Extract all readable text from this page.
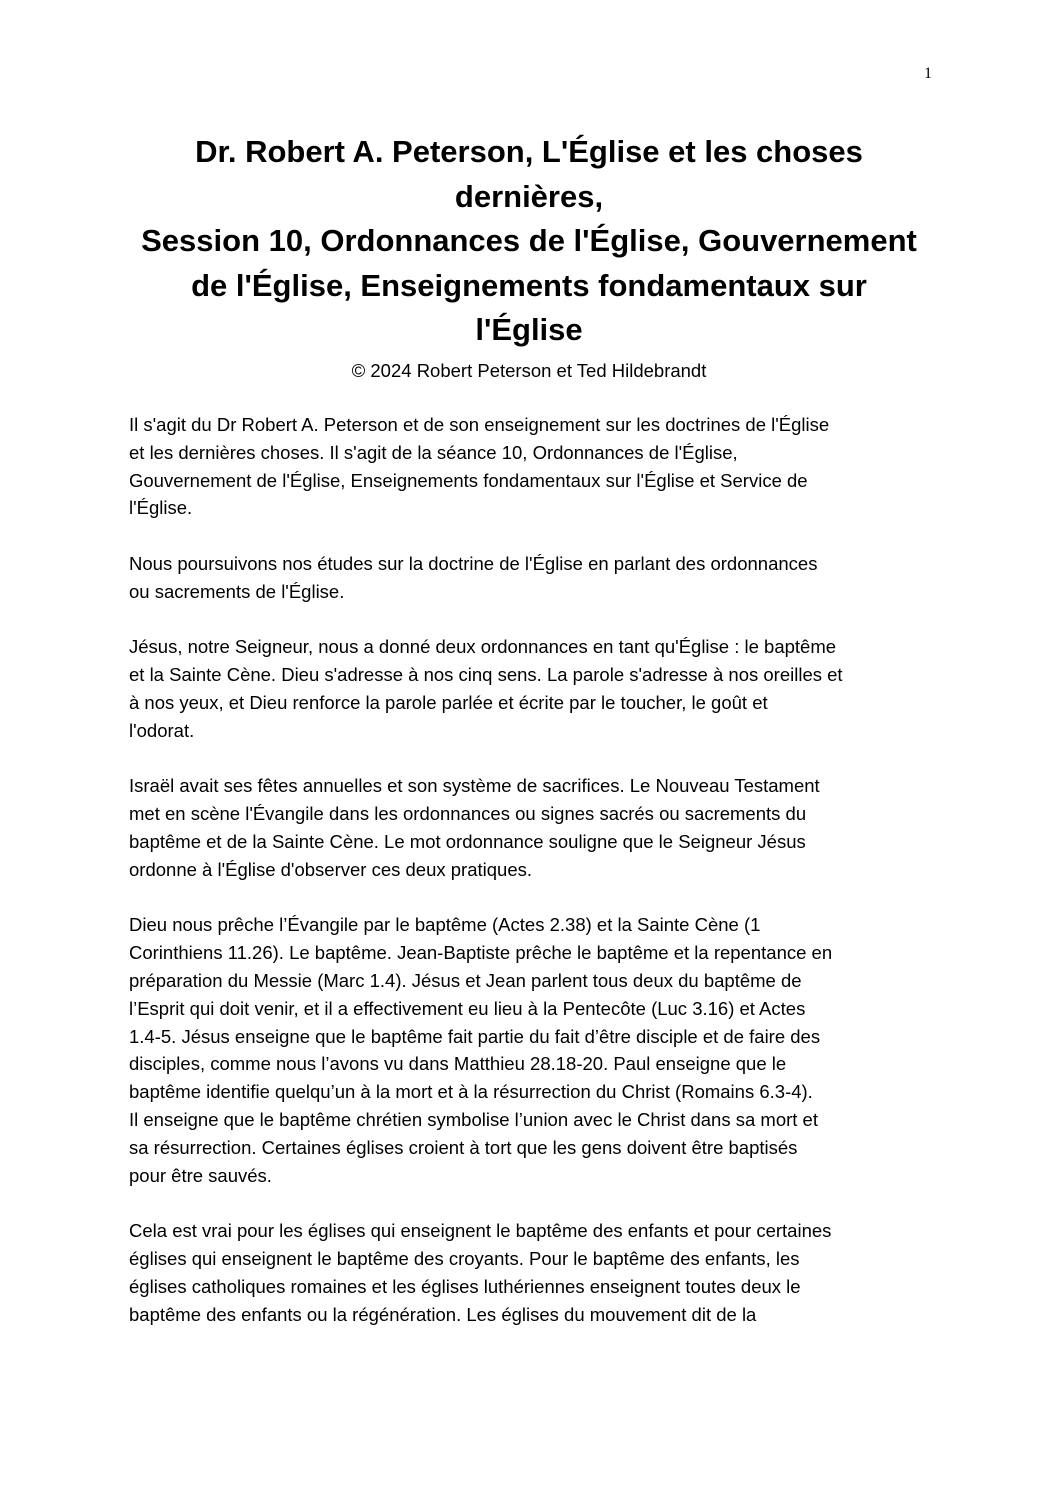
1
Dr. Robert A. Peterson, L'Église et les choses
dernières,
Session 10, Ordonnances de l'Église, Gouvernement
de l'Église, Enseignements fondamentaux sur
l'Église
© 2024 Robert Peterson et Ted Hildebrandt

Il s'agit du Dr Robert A. Peterson et de son enseignement sur les doctrines de l'Église
et les dernières choses. Il s'agit de la séance 10, Ordonnances de l'Église,
Gouvernement de l'Église, Enseignements fondamentaux sur l'Église et Service de
l'Église.

Nous poursuivons nos études sur la doctrine de l'Église en parlant des ordonnances
ou sacrements de l'Église.

Jésus, notre Seigneur, nous a donné deux ordonnances en tant qu'Église : le baptême
et la Sainte Cène. Dieu s'adresse à nos cinq sens. La parole s'adresse à nos oreilles et
à nos yeux, et Dieu renforce la parole parlée et écrite par le toucher, le goût et
l'odorat.

Israël avait ses fêtes annuelles et son système de sacrifices. Le Nouveau Testament
met en scène l'Évangile dans les ordonnances ou signes sacrés ou sacrements du
baptême et de la Sainte Cène. Le mot ordonnance souligne que le Seigneur Jésus
ordonne à l'Église d'observer ces deux pratiques.

Dieu nous prêche l’Évangile par le baptême (Actes 2.38) et la Sainte Cène (1
Corinthiens 11.26). Le baptême. Jean-Baptiste prêche le baptême et la repentance en
préparation du Messie (Marc 1.4). Jésus et Jean parlent tous deux du baptême de
l’Esprit qui doit venir, et il a effectivement eu lieu à la Pentecôte (Luc 3.16) et Actes
1.4-5. Jésus enseigne que le baptême fait partie du fait d’être disciple et de faire des
disciples, comme nous l’avons vu dans Matthieu 28.18-20. Paul enseigne que le
baptême identifie quelqu’un à la mort et à la résurrection du Christ (Romains 6.3-4).
Il enseigne que le baptême chrétien symbolise l’union avec le Christ dans sa mort et
sa résurrection. Certaines églises croient à tort que les gens doivent être baptisés
pour être sauvés.

Cela est vrai pour les églises qui enseignent le baptême des enfants et pour certaines
églises qui enseignent le baptême des croyants. Pour le baptême des enfants, les
églises catholiques romaines et les églises luthériennes enseignent toutes deux le
baptême des enfants ou la régénération. Les églises du mouvement dit de la
